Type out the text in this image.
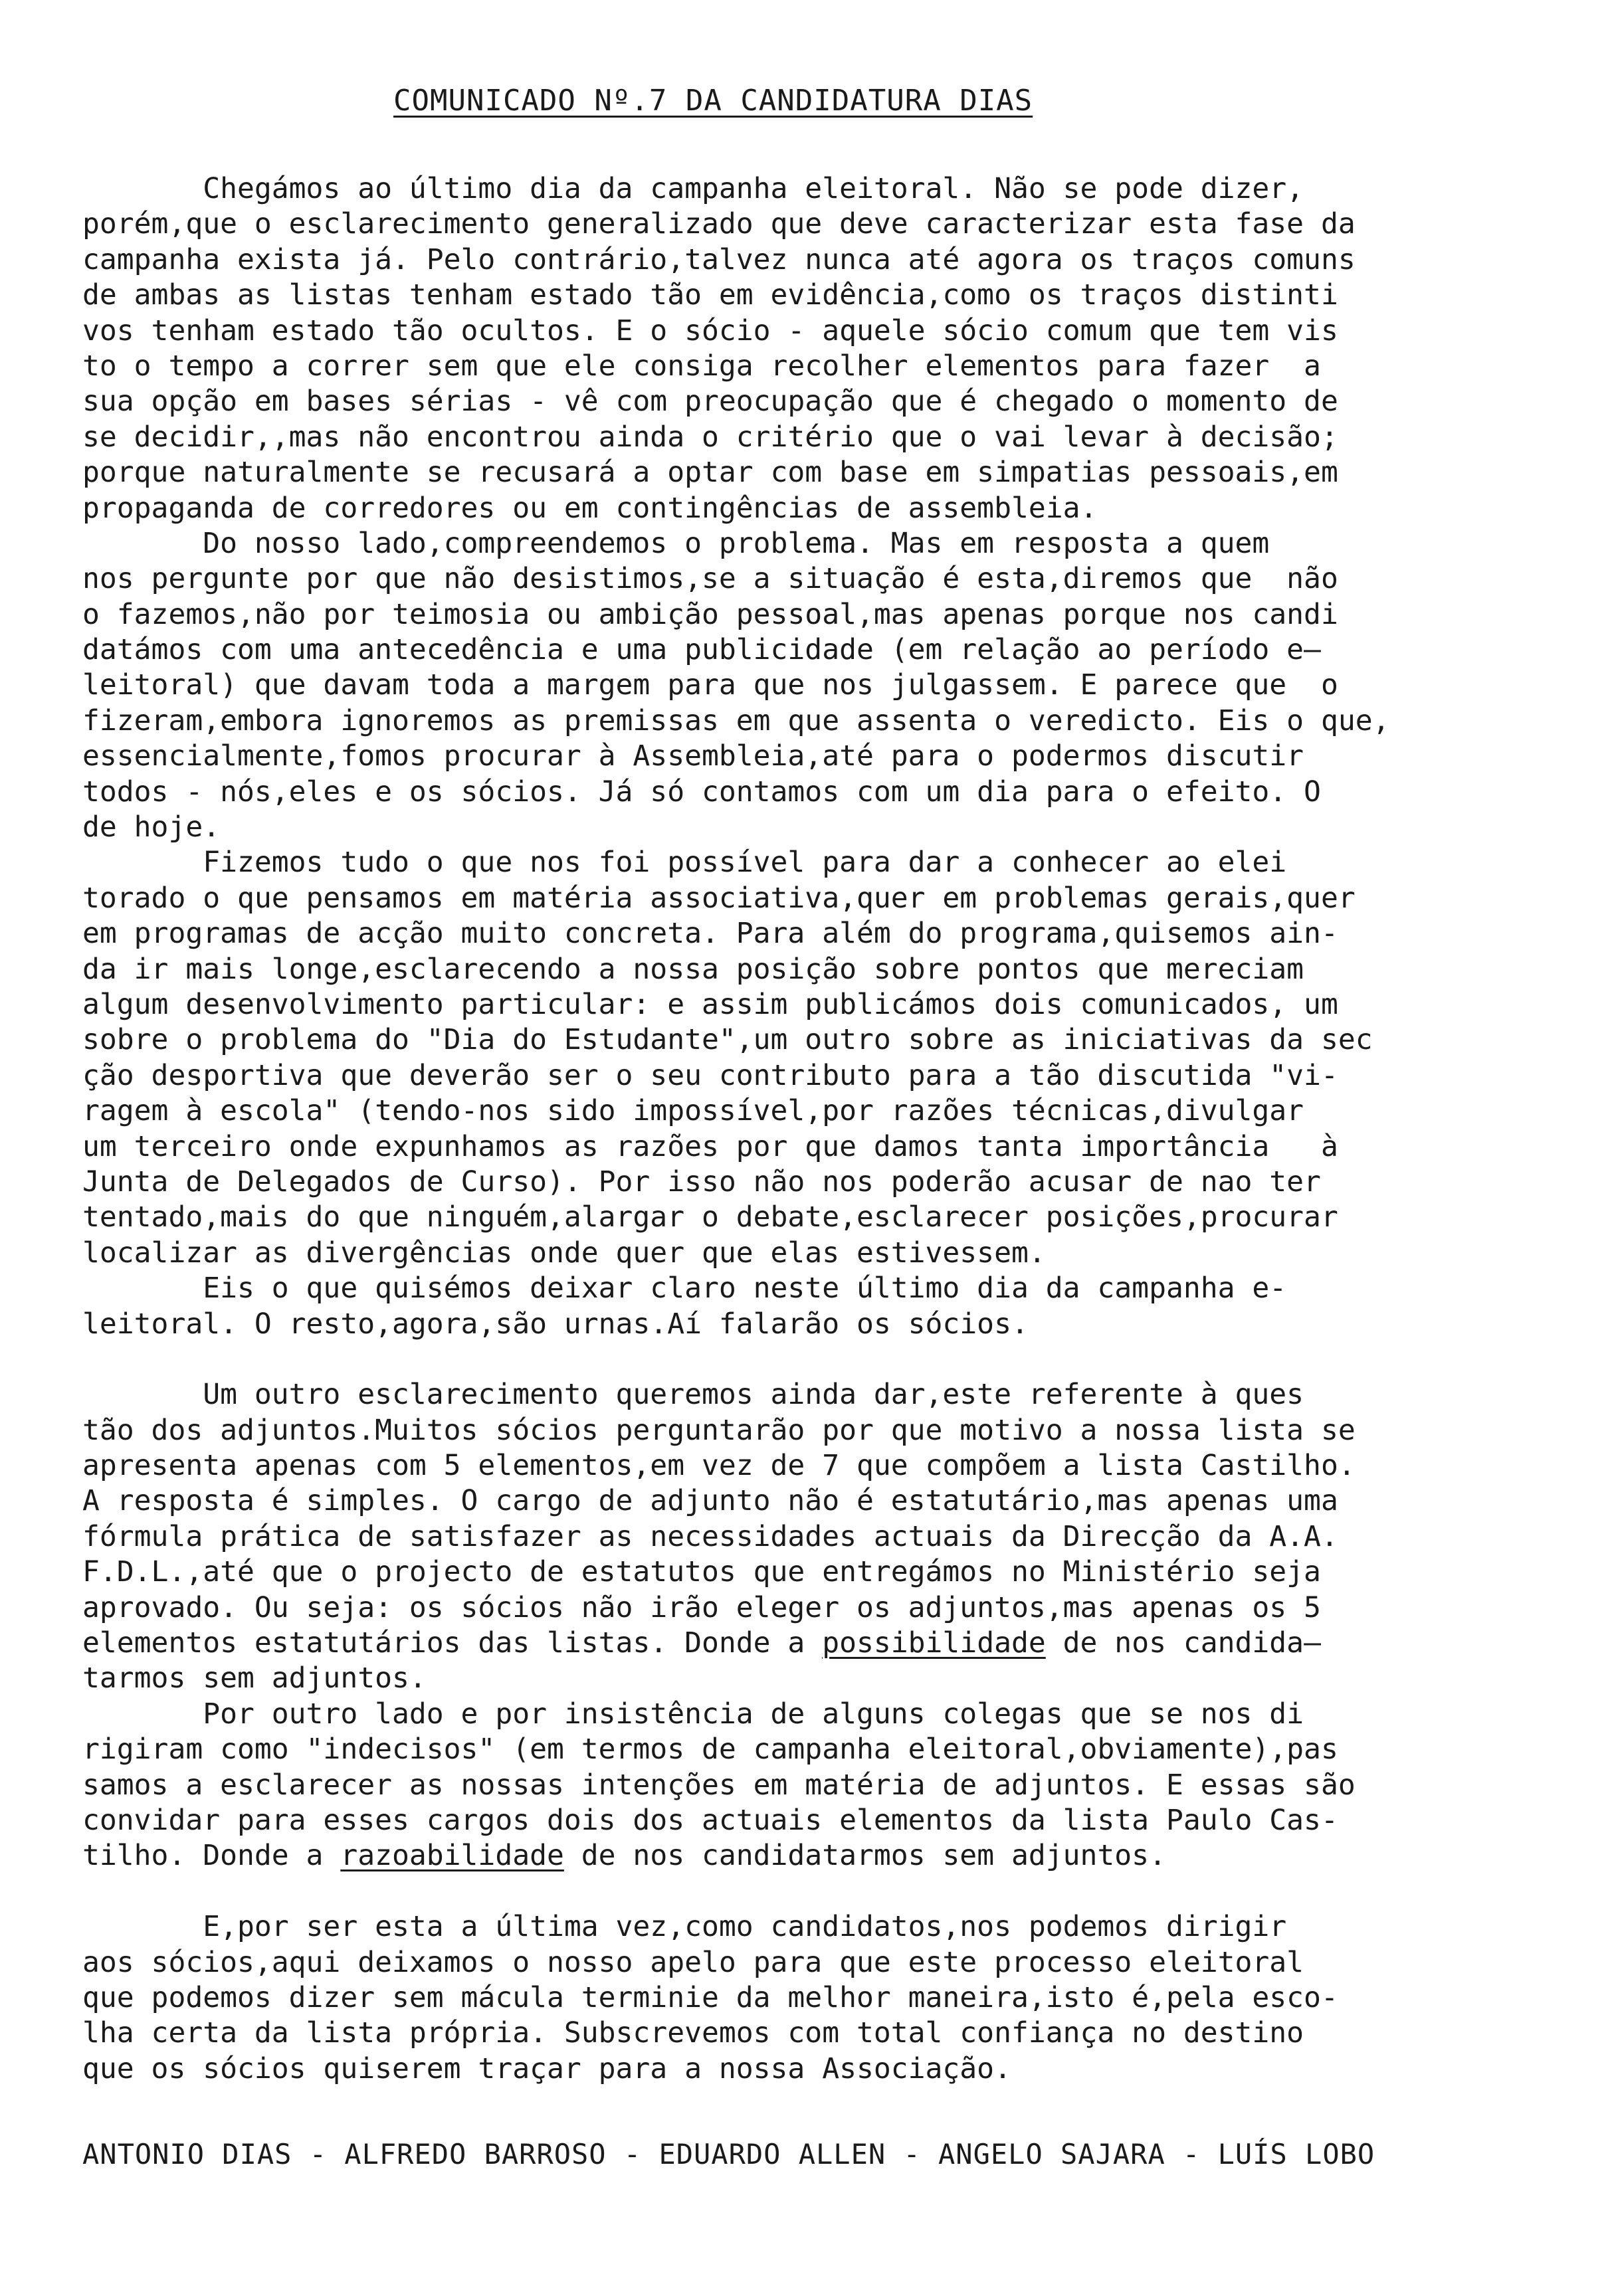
COMUNICADO Nº.7 DA CANDIDATURA DIAS
Chegámos ao último dia da campanha eleitoral. Não se pode dizer,
porém,que o esclarecimento generalizado que deve caracterizar esta fase da
campanha exista já. Pelo contrário,talvez nunca até agora os traços comuns
de ambas as listas tenham estado tão em evidência,como os traços distinti
vos tenham estado tão ocultos. E o sócio - aquele sócio comum que tem vis
to o tempo a correr sem que ele consiga recolher elementos para fazer  a
sua opção em bases sérias - vê com preocupação que é chegado o momento de
se decidir,,mas não encontrou ainda o critério que o vai levar à decisão;
porque naturalmente se recusará a optar com base em simpatias pessoais,em
propaganda de corredores ou em contingências de assembleia.
Do nosso lado,compreendemos o problema. Mas em resposta a quem
nos pergunte por que não desistimos,se a situação é esta,diremos que  não
o fazemos,não por teimosia ou ambição pessoal,mas apenas porque nos candi
datámos com uma antecedência e uma publicidade (em relação ao período e—
leitoral) que davam toda a margem para que nos julgassem. E parece que  o
fizeram,embora ignoremos as premissas em que assenta o veredicto. Eis o que,
essencialmente,fomos procurar à Assembleia,até para o podermos discutir
todos - nós,eles e os sócios. Já só contamos com um dia para o efeito. O
de hoje.
Fizemos tudo o que nos foi possível para dar a conhecer ao elei
torado o que pensamos em matéria associativa,quer em problemas gerais,quer
em programas de acção muito concreta. Para além do programa,quisemos ain-
da ir mais longe,esclarecendo a nossa posição sobre pontos que mereciam
algum desenvolvimento particular: e assim publicámos dois comunicados, um
sobre o problema do "Dia do Estudante",um outro sobre as iniciativas da sec
ção desportiva que deverão ser o seu contributo para a tão discutida "vi-
ragem à escola" (tendo-nos sido impossível,por razões técnicas,divulgar
um terceiro onde expunhamos as razões por que damos tanta importância   à
Junta de Delegados de Curso). Por isso não nos poderão acusar de nao ter
tentado,mais do que ninguém,alargar o debate,esclarecer posições,procurar
localizar as divergências onde quer que elas estivessem.
Eis o que quisémos deixar claro neste último dia da campanha e-
leitoral. O resto,agora,são urnas.Aí falarão os sócios.
Um outro esclarecimento queremos ainda dar,este referente à ques
tão dos adjuntos.Muitos sócios perguntarão por que motivo a nossa lista se
apresenta apenas com 5 elementos,em vez de 7 que compõem a lista Castilho.
A resposta é simples. O cargo de adjunto não é estatutário,mas apenas uma
fórmula prática de satisfazer as necessidades actuais da Direcção da A.A.
F.D.L.,até que o projecto de estatutos que entregámos no Ministério seja
aprovado. Ou seja: os sócios não irão eleger os adjuntos,mas apenas os 5
elementos estatutários das listas. Donde a possibilidade de nos candida—
tarmos sem adjuntos.
Por outro lado e por insistência de alguns colegas que se nos di
rigiram como "indecisos" (em termos de campanha eleitoral,obviamente),pas
samos a esclarecer as nossas intenções em matéria de adjuntos. E essas são
convidar para esses cargos dois dos actuais elementos da lista Paulo Cas-
tilho. Donde a razoabilidade de nos candidatarmos sem adjuntos.
E,por ser esta a última vez,como candidatos,nos podemos dirigir
aos sócios,aqui deixamos o nosso apelo para que este processo eleitoral
que podemos dizer sem mácula terminie da melhor maneira,isto é,pela esco-
lha certa da lista própria. Subscrevemos com total confiança no destino
que os sócios quiserem traçar para a nossa Associação.
ANTONIO DIAS - ALFREDO BARROSO - EDUARDO ALLEN - ANGELO SAJARA - LUÍS LOBO
